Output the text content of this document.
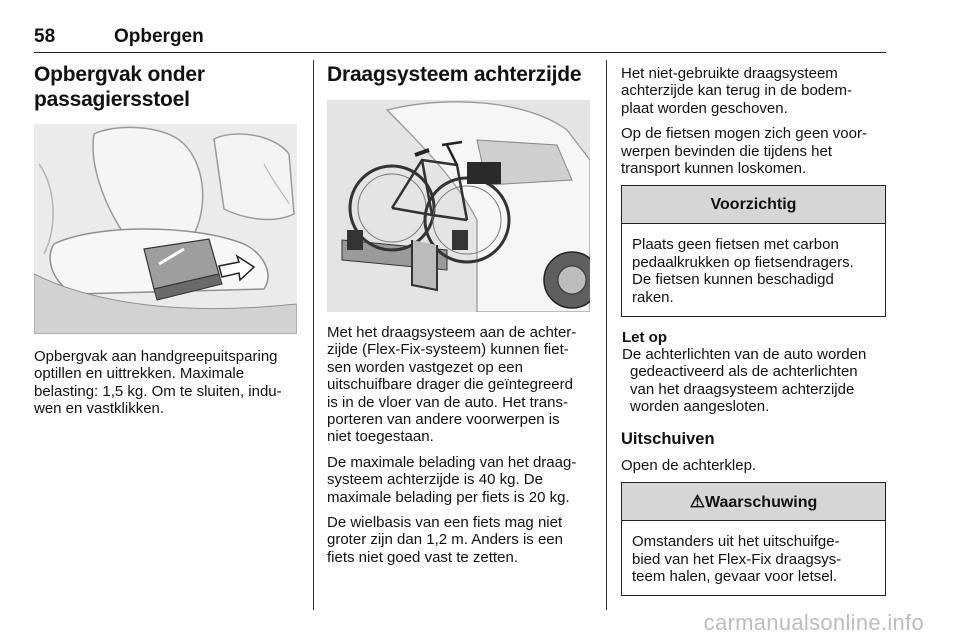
58	Opbergen
Opbergvak onder
passagiersstoel

Opbergvak aan handgreepuitsparing
optillen en uittrekken. Maximale
belasting: 1,5 kg. Om te sluiten, indu-
wen en vastklikken.

Draagsysteem achterzijde

Met het draagsysteem aan de achter-
zijde (Flex-Fix-systeem) kunnen fiet-
sen worden vastgezet op een
uitschuifbare drager die geïntegreerd
is in de vloer van de auto. Het trans-
porteren van andere voorwerpen is
niet toegestaan.

De maximale belading van het draag-
systeem achterzijde is 40 kg. De
maximale belading per fiets is 20 kg.

De wielbasis van een fiets mag niet
groter zijn dan 1,2 m. Anders is een
fiets niet goed vast te zetten.

Het niet-gebruikte draagsysteem
achterzijde kan terug in de bodem-
plaat worden geschoven.

Op de fietsen mogen zich geen voor-
werpen bevinden die tijdens het
transport kunnen loskomen.

Voorzichtig
Plaats geen fietsen met carbon
pedaalkrukken op fietsendragers.
De fietsen kunnen beschadigd
raken.
Let op
De achterlichten van de auto worden
gedeactiveerd als de achterlichten
van het draagsysteem achterzijde
worden aangesloten.
Uitschuiven

Open de achterklep.

⚠Waarschuwing
Omstanders uit het uitschuifge-
bied van het Flex-Fix draagsys-
teem halen, gevaar voor letsel.
carmanualsonline.info
